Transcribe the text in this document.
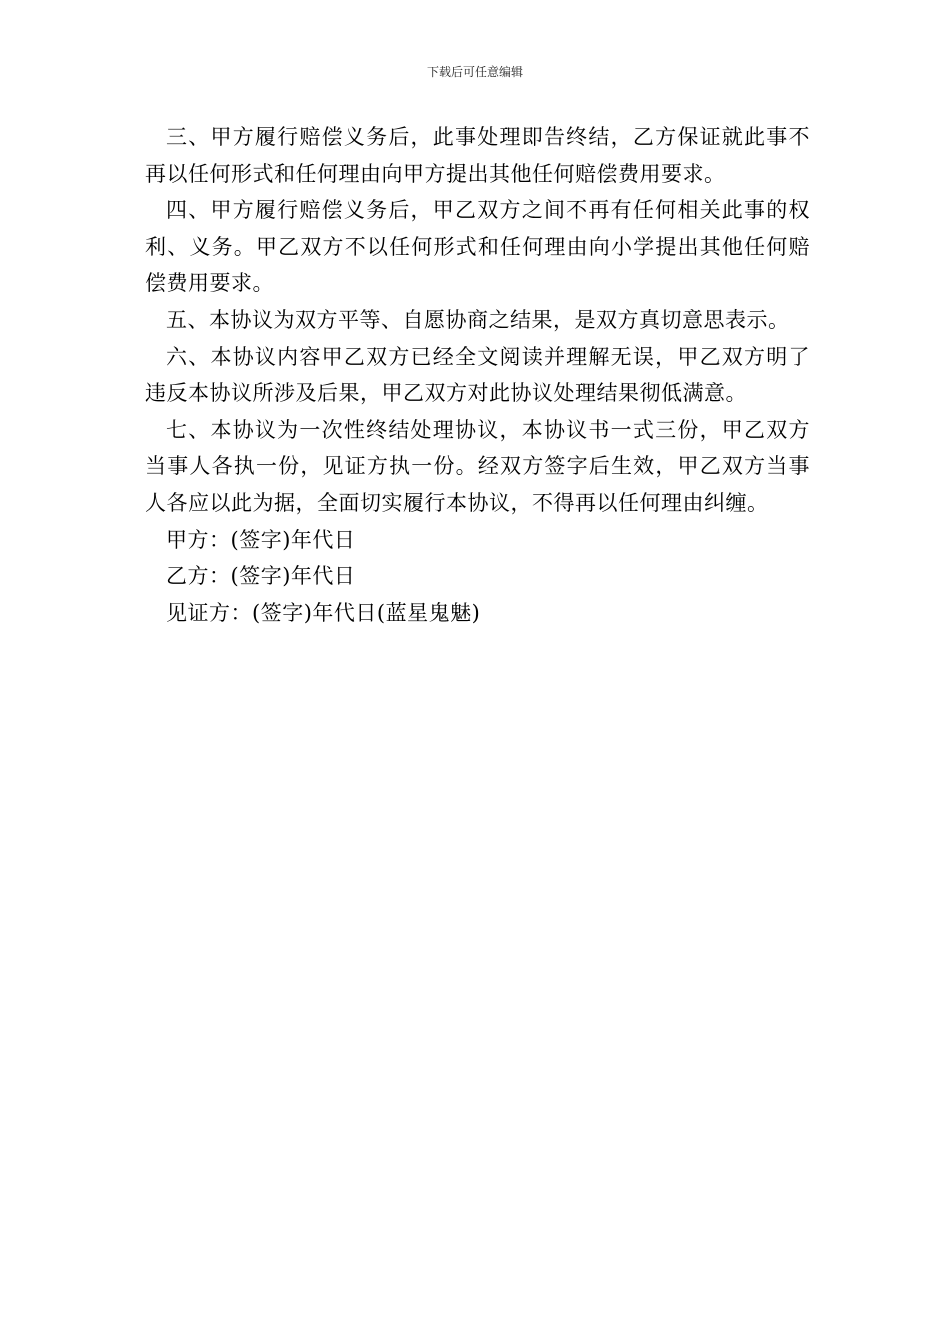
下载后可任意编辑

三、甲方履行赔偿义务后，此事处理即告终结，乙方保证就此事不再以任何形式和任何理由向甲方提出其他任何赔偿费用要求。

四、甲方履行赔偿义务后，甲乙双方之间不再有任何相关此事的权利、义务。甲乙双方不以任何形式和任何理由向小学提出其他任何赔偿费用要求。

五、本协议为双方平等、自愿协商之结果，是双方真切意思表示。

六、本协议内容甲乙双方已经全文阅读并理解无误，甲乙双方明了违反本协议所涉及后果，甲乙双方对此协议处理结果彻低满意。

七、本协议为一次性终结处理协议，本协议书一式三份，甲乙双方当事人各执一份，见证方执一份。经双方签字后生效，甲乙双方当事人各应以此为据，全面切实履行本协议，不得再以任何理由纠缠。

甲方：(签字)年代日

乙方：(签字)年代日

见证方：(签字)年代日(蓝星鬼魅)
